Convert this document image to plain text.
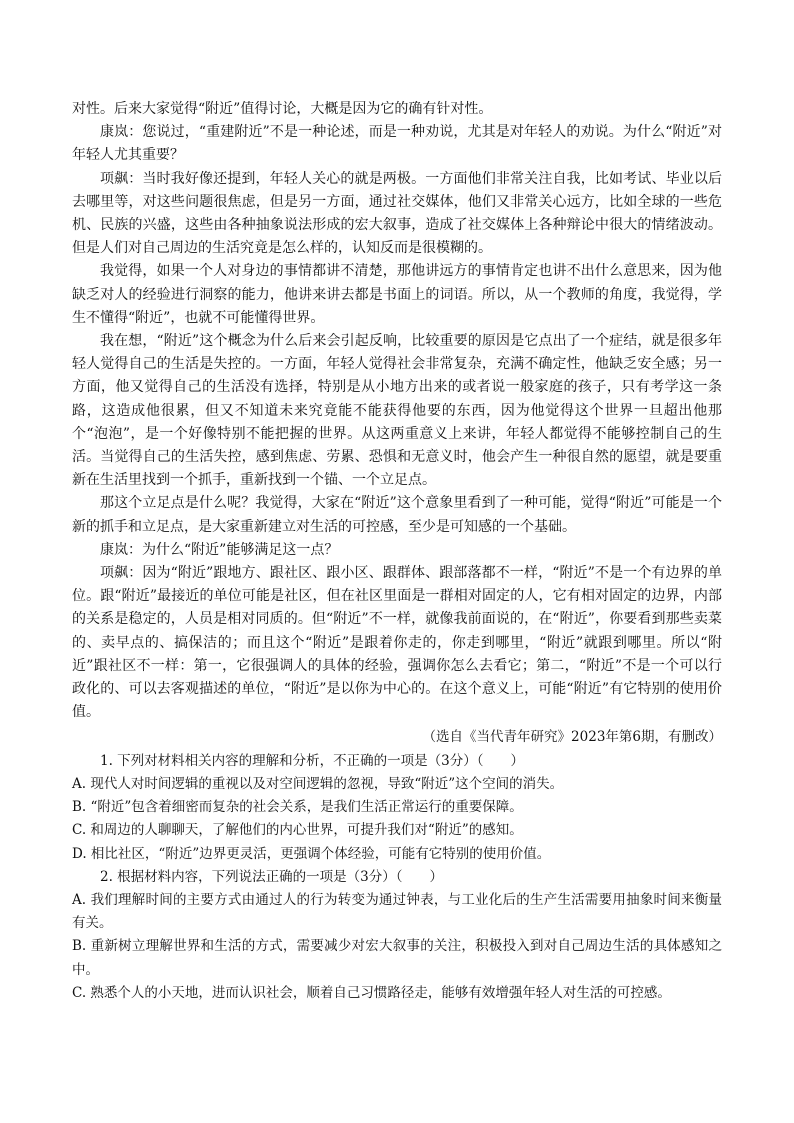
对性。后来大家觉得“附近”值得讨论，大概是因为它的确有针对性。

康岚：您说过，“重建附近”不是一种论述，而是一种劝说，尤其是对年轻人的劝说。为什么“附近”对年轻人尤其重要？

项飙：当时我好像还提到，年轻人关心的就是两极。一方面他们非常关注自我，比如考试、毕业以后去哪里等，对这些问题很焦虑，但是另一方面，通过社交媒体，他们又非常关心远方，比如全球的一些危机、民族的兴盛，这些由各种抽象说法形成的宏大叙事，造成了社交媒体上各种辩论中很大的情绪波动。但是人们对自己周边的生活究竟是怎么样的，认知反而是很模糊的。

我觉得，如果一个人对身边的事情都讲不清楚，那他讲远方的事情肯定也讲不出什么意思来，因为他缺乏对人的经验进行洞察的能力，他讲来讲去都是书面上的词语。所以，从一个教师的角度，我觉得，学生不懂得“附近”，也就不可能懂得世界。

我在想，“附近”这个概念为什么后来会引起反响，比较重要的原因是它点出了一个症结，就是很多年轻人觉得自己的生活是失控的。一方面，年轻人觉得社会非常复杂，充满不确定性，他缺乏安全感；另一方面，他又觉得自己的生活没有选择，特别是从小地方出来的或者说一般家庭的孩子，只有考学这一条路，这造成他很累，但又不知道未来究竟能不能获得他要的东西，因为他觉得这个世界一旦超出他那个“泡泡”，是一个好像特别不能把握的世界。从这两重意义上来讲，年轻人都觉得不能够控制自己的生活。当觉得自己的生活失控，感到焦虑、劳累、恐惧和无意义时，他会产生一种很自然的愿望，就是要重新在生活里找到一个抓手，重新找到一个锚、一个立足点。

那这个立足点是什么呢？我觉得，大家在“附近”这个意象里看到了一种可能，觉得“附近”可能是一个新的抓手和立足点，是大家重新建立对生活的可控感，至少是可知感的一个基础。

康岚：为什么“附近”能够满足这一点？

项飙：因为“附近”跟地方、跟社区、跟小区、跟群体、跟部落都不一样，“附近”不是一个有边界的单位。跟“附近”最接近的单位可能是社区，但在社区里面是一群相对固定的人，它有相对固定的边界，内部的关系是稳定的，人员是相对同质的。但“附近”不一样，就像我前面说的，在“附近”，你要看到那些卖菜的、卖早点的、搞保洁的；而且这个“附近”是跟着你走的，你走到哪里，“附近”就跟到哪里。所以“附近”跟社区不一样：第一，它很强调人的具体的经验，强调你怎么去看它；第二，“附近”不是一个可以行政化的、可以去客观描述的单位，“附近”是以你为中心的。在这个意义上，可能“附近”有它特别的使用价值。

（选自《当代青年研究》2023年第6期，有删改）

1. 下列对材料相关内容的理解和分析，不正确的一项是（3分）（　　）

A. 现代人对时间逻辑的重视以及对空间逻辑的忽视，导致“附近”这个空间的消失。

B. “附近”包含着细密而复杂的社会关系，是我们生活正常运行的重要保障。

C. 和周边的人聊聊天，了解他们的内心世界，可提升我们对“附近”的感知。

D. 相比社区，“附近”边界更灵活，更强调个体经验，可能有它特别的使用价值。

2. 根据材料内容，下列说法正确的一项是（3分）（　　）

A. 我们理解时间的主要方式由通过人的行为转变为通过钟表，与工业化后的生产生活需要用抽象时间来衡量有关。

B. 重新树立理解世界和生活的方式，需要减少对宏大叙事的关注，积极投入到对自己周边生活的具体感知之中。

C. 熟悉个人的小天地，进而认识社会，顺着自己习惯路径走，能够有效增强年轻人对生活的可控感。
